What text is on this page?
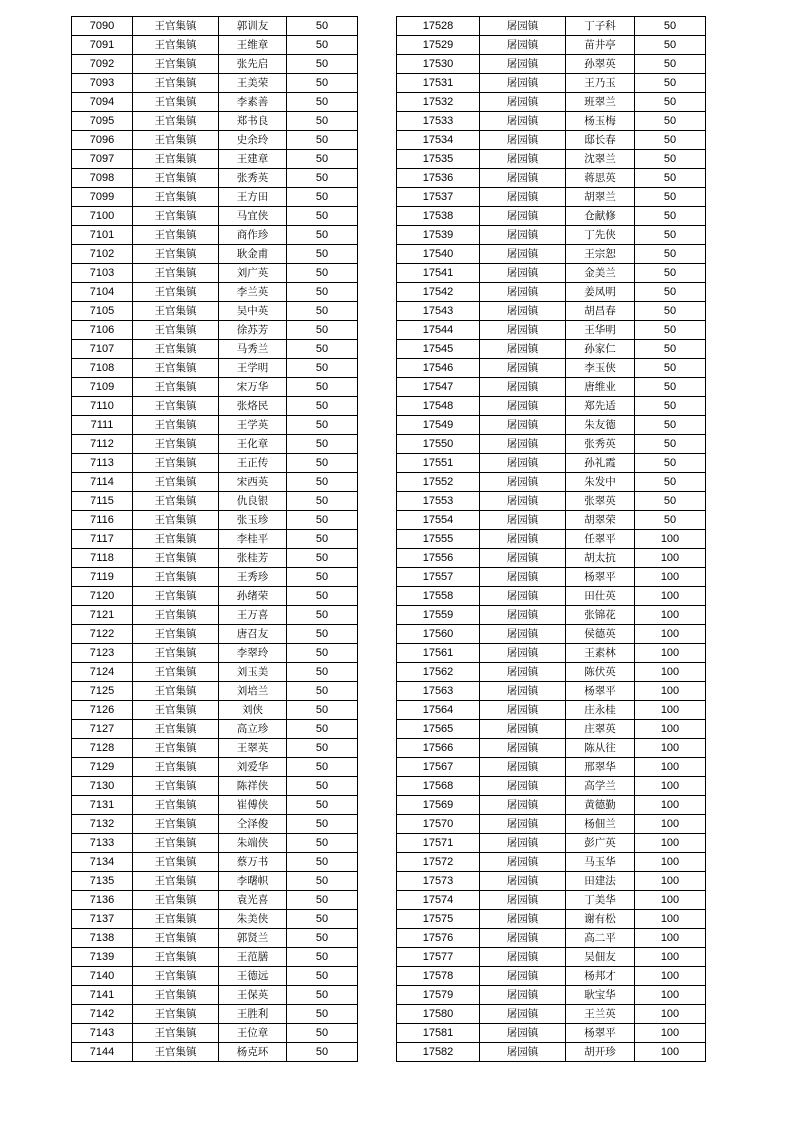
7090	王官集镇	郭训友	50
7091	王官集镇	王维章	50
7092	王官集镇	张先启	50
7093	王官集镇	王美荣	50
7094	王官集镇	李素善	50
7095	王官集镇	郑书良	50
7096	王官集镇	史余玲	50
7097	王官集镇	王建章	50
7098	王官集镇	张秀英	50
7099	王官集镇	王方田	50
7100	王官集镇	马宜侠	50
7101	王官集镇	商作珍	50
7102	王官集镇	耿金甫	50
7103	王官集镇	刘广英	50
7104	王官集镇	李兰英	50
7105	王官集镇	吴中英	50
7106	王官集镇	徐苏芳	50
7107	王官集镇	马秀兰	50
7108	王官集镇	王学明	50
7109	王官集镇	宋万华	50
7110	王官集镇	张烙民	50
7111	王官集镇	王学英	50
7112	王官集镇	王化章	50
7113	王官集镇	王正传	50
7114	王官集镇	宋西英	50
7115	王官集镇	仇良银	50
7116	王官集镇	张玉珍	50
7117	王官集镇	李桂平	50
7118	王官集镇	张桂芳	50
7119	王官集镇	王秀珍	50
7120	王官集镇	孙绪荣	50
7121	王官集镇	王万喜	50
7122	王官集镇	唐召友	50
7123	王官集镇	李翠玲	50
7124	王官集镇	刘玉美	50
7125	王官集镇	刘培兰	50
7126	王官集镇	刘侠	50
7127	王官集镇	高立珍	50
7128	王官集镇	王翠英	50
7129	王官集镇	刘爱华	50
7130	王官集镇	陈祥侠	50
7131	王官集镇	崔傅侠	50
7132	王官集镇	仝泽俊	50
7133	王官集镇	朱端侠	50
7134	王官集镇	蔡万书	50
7135	王官集镇	李曙帜	50
7136	王官集镇	袁光喜	50
7137	王官集镇	朱美侠	50
7138	王官集镇	郭贤兰	50
7139	王官集镇	王范膳	50
7140	王官集镇	王德远	50
7141	王官集镇	王保英	50
7142	王官集镇	王胜利	50
7143	王官集镇	王位章	50
7144	王官集镇	杨克环	50
17528	屠园镇	丁子科	50
17529	屠园镇	苗井亭	50
17530	屠园镇	孙翠英	50
17531	屠园镇	王乃玉	50
17532	屠园镇	班翠兰	50
17533	屠园镇	杨玉梅	50
17534	屠园镇	邸长春	50
17535	屠园镇	沈翠兰	50
17536	屠园镇	蒋思英	50
17537	屠园镇	胡翠兰	50
17538	屠园镇	仓献修	50
17539	屠园镇	丁先侠	50
17540	屠园镇	王宗恕	50
17541	屠园镇	金美兰	50
17542	屠园镇	姜凤明	50
17543	屠园镇	胡昌春	50
17544	屠园镇	王华明	50
17545	屠园镇	孙家仁	50
17546	屠园镇	李玉侠	50
17547	屠园镇	唐维业	50
17548	屠园镇	郑先适	50
17549	屠园镇	朱友德	50
17550	屠园镇	张秀英	50
17551	屠园镇	孙礼霞	50
17552	屠园镇	朱发中	50
17553	屠园镇	张翠英	50
17554	屠园镇	胡翠荣	50
17555	屠园镇	任翠平	100
17556	屠园镇	胡太抗	100
17557	屠园镇	杨翠平	100
17558	屠园镇	田仕英	100
17559	屠园镇	张锦花	100
17560	屠园镇	侯德英	100
17561	屠园镇	王素林	100
17562	屠园镇	陈伏英	100
17563	屠园镇	杨翠平	100
17564	屠园镇	庄永桂	100
17565	屠园镇	庄翠英	100
17566	屠园镇	陈从往	100
17567	屠园镇	邢翠华	100
17568	屠园镇	高学兰	100
17569	屠园镇	黄德勤	100
17570	屠园镇	杨佃兰	100
17571	屠园镇	彭广英	100
17572	屠园镇	马玉华	100
17573	屠园镇	田建法	100
17574	屠园镇	丁美华	100
17575	屠园镇	谢有松	100
17576	屠园镇	高二平	100
17577	屠园镇	吴佃友	100
17578	屠园镇	杨邦才	100
17579	屠园镇	耿宝华	100
17580	屠园镇	王兰英	100
17581	屠园镇	杨翠平	100
17582	屠园镇	胡开珍	100
